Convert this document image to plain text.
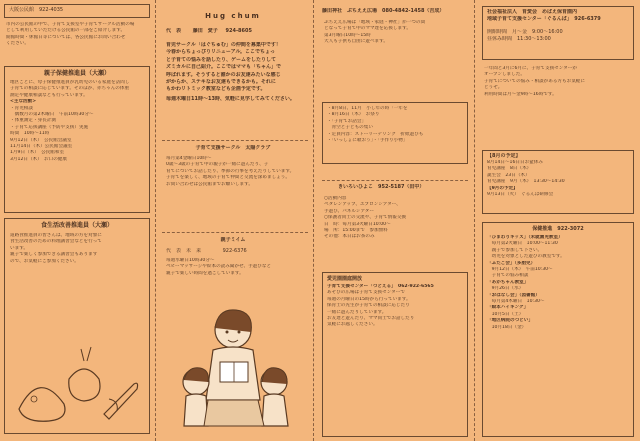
大阪公民館　922-4035
市内の公民館の中で、子育て支援室や子育てサークル活動の場
として利用していただける公民館の一部をご紹介します。
開館時間・休館日等については、各公民館にお問い合わせ
ください。
親子保健推進員（大瀬）
地区ごとに、母子保健推進員が乳幼児のいる家庭を訪問し
子育ての相談に応じています。そのほか、赤ちゃんの体重
測定や健康相談なども行っています。
<主な活動>
・育児相談
　偶数月の第2木曜日　午前10時30分～
・体重測定・身長計測
・子育て応援講座（予防や支援）実施
時間　10時～11時
9月12日（木）　公民館会議室
11月14日（木）公民館会議室
1月9日（木）　公民館和室
3月12日（木）　お口の健康
食生活改善推進員（大瀬）
道路食推進員の皆さんは、地域の方を対象に
食生活改善のための料理講習会などを行って
います。
親子で楽しく参加できる講習会もあります
ので、お気軽にご参加ください。
Hug chum
代　表 藤田　愛子 924-8605
育児サークル「はぐちゅむ」の仲間を募集中です！
今春からちょっぴりリニューアル。ここでちょっ
と子育ての悩みを話したり、ゲームをしたりして
ズミカルに自己紹介。ここではママも「ちゃん」で
呼ばれます。そうすると誰かのお友達みたいな感じ
がからか、ステキなお友達もできるかも。それに
もかわリトミック教室なども企画予定です。
毎週木曜日11時～13時、気軽に見学してみてください。
子育て支援サークル　太陽クラブ
毎月第4金曜日10時～
0歳～3歳の子育て中の親子が一緒に遊んだり、子
育てについてお話したり、季節の行事を考えたりしています。
子育てを楽しく、地域の子育て仲間と交流を深めましょう。
お問い合わせは公民館までお願いします。
親子ミイム
代　表　未　来	922-6376
毎週水曜日10時30分～
ベビーマッサージや絵本の読み聞かせ、手遊びなど
親子で楽しい時間を過ごしています。
藤田神社　ぷちええ広場　080-4842-1458（吉成）
ぷちええ広場は「地域・家庭・神社」が一つの間
となって子育て中のママ達を応援します。
第3月曜日10時～15時
大人も子供も自由に遊べます。
・8月8日、11月　小し年の時「一年を
・8月16日（木）　お祭り
・「子育てお話会」
　青空と子どもの集い
・定員内容：ストーリーテリング　折紙遊びも
・「いっしょに歌おう」・「手作り小物」
きいろいひよこ　952-5187（田中）
○活動内容
ペタレンアップ、エプロンシアター、
手遊び、パネルシアター
○保護者同士の交流や、子育て情報交換
日　時：毎月第3火曜日10:00～
場　所：15:00まで　参加無料
その他：本日はお茶のみ
愛児園園庭開放
子育て支援センター「つどえる」　062-922-6565
あそびの広場は子育て支援センターで
毎週の月曜日の15時から行っています。
保育士の先生が子育ての相談に応じたり
一緒に遊んだりしています。
お友達と遊んだり、ママ同士でお話したり
気軽にお越しください。
社会福祉法人　育愛会　めばえ保育園内
地域子育て支援センター「ぐるんぱ」　926-6379
開館時間　月～金　9:00～16:00
昼休み時間　11:30～13:00
一年間と3月に6月に、子育て支援センターが
オープンしました。
子育てについての悩み・相談がある方もお気軽に
どうぞ。
利用時間は月～金9時～16時です。
【8月の予定】
8月14日～16日日お盆休み
育児講座　8日（木）
誕生会　23日（木）
育児講座　9月（木）　13:30～14:30
【9月の予定】
9月13日（火）　ぐるんぱ研修会
保健推進　922-3072
「ひまわりキッズ」（未就園児教室）
　毎月第2火曜日　10:00～11:30
　親子で参加して下さい。
　幼児を対象とした遊びの教室です。
「ふたご会」（多胎児）
　9月12日（木）　午前10:30～
　子育ての悩み相談
「あかちゃん教室」
　9月26日（水）
「おはなし会」（図書館）
　毎月第4木曜日　10:30～
「絵本ハイキング」
　10月5日（土）
「地区病院のつどい」
　10月18日（金）
